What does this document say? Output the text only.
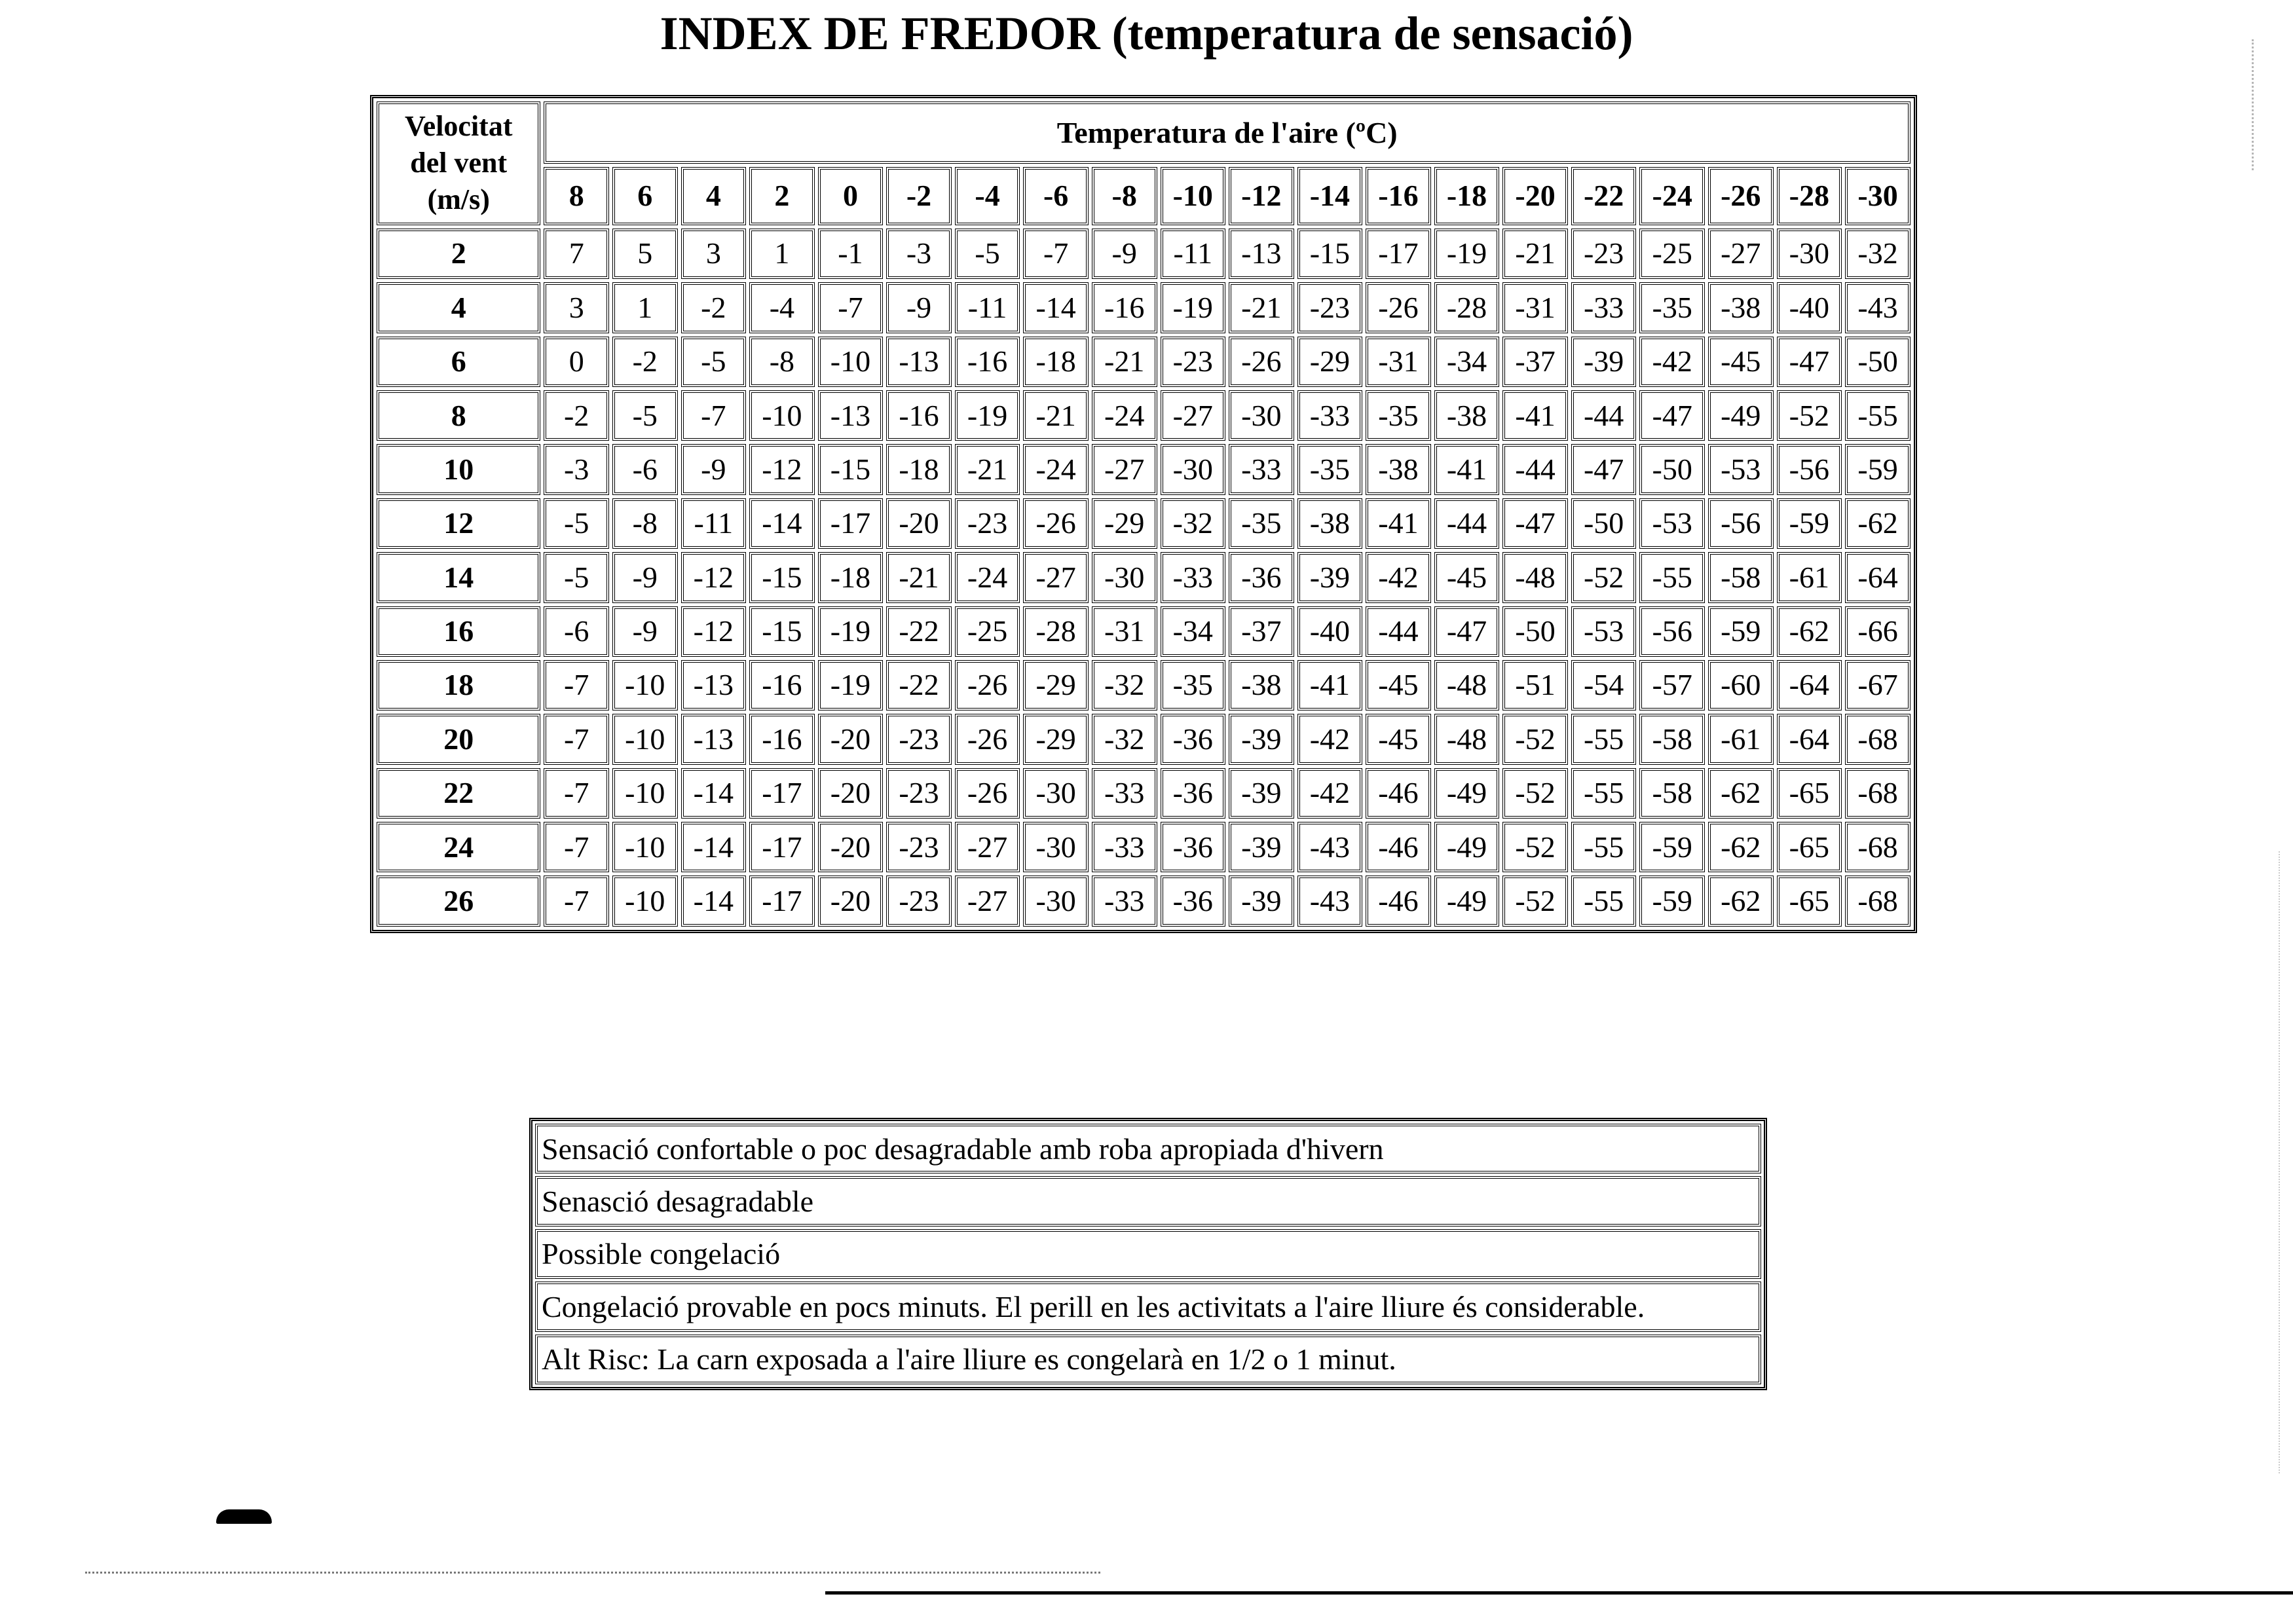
INDEX DE FREDOR (temperatura de sensació)
Velocitat
del vent
(m/s)	Temperatura de l'aire (ºC)																			
	8	6	4	2	0	-2	-4	-6	-8	-10	-12	-14	-16	-18	-20	-22	-24	-26	-28	-30
2	7	5	3	1	-1	-3	-5	-7	-9	-11	-13	-15	-17	-19	-21	-23	-25	-27	-30	-32
4	3	1	-2	-4	-7	-9	-11	-14	-16	-19	-21	-23	-26	-28	-31	-33	-35	-38	-40	-43
6	0	-2	-5	-8	-10	-13	-16	-18	-21	-23	-26	-29	-31	-34	-37	-39	-42	-45	-47	-50
8	-2	-5	-7	-10	-13	-16	-19	-21	-24	-27	-30	-33	-35	-38	-41	-44	-47	-49	-52	-55
10	-3	-6	-9	-12	-15	-18	-21	-24	-27	-30	-33	-35	-38	-41	-44	-47	-50	-53	-56	-59
12	-5	-8	-11	-14	-17	-20	-23	-26	-29	-32	-35	-38	-41	-44	-47	-50	-53	-56	-59	-62
14	-5	-9	-12	-15	-18	-21	-24	-27	-30	-33	-36	-39	-42	-45	-48	-52	-55	-58	-61	-64
16	-6	-9	-12	-15	-19	-22	-25	-28	-31	-34	-37	-40	-44	-47	-50	-53	-56	-59	-62	-66
18	-7	-10	-13	-16	-19	-22	-26	-29	-32	-35	-38	-41	-45	-48	-51	-54	-57	-60	-64	-67
20	-7	-10	-13	-16	-20	-23	-26	-29	-32	-36	-39	-42	-45	-48	-52	-55	-58	-61	-64	-68
22	-7	-10	-14	-17	-20	-23	-26	-30	-33	-36	-39	-42	-46	-49	-52	-55	-58	-62	-65	-68
24	-7	-10	-14	-17	-20	-23	-27	-30	-33	-36	-39	-43	-46	-49	-52	-55	-59	-62	-65	-68
26	-7	-10	-14	-17	-20	-23	-27	-30	-33	-36	-39	-43	-46	-49	-52	-55	-59	-62	-65	-68
Sensació confortable o poc desagradable amb roba apropiada d'hivern
Senasció desagradable
Possible congelació
Congelació provable en pocs minuts. El perill en les activitats a l'aire lliure és considerable.
Alt Risc: La carn exposada a l'aire lliure es congelarà en 1/2 o 1 minut.
